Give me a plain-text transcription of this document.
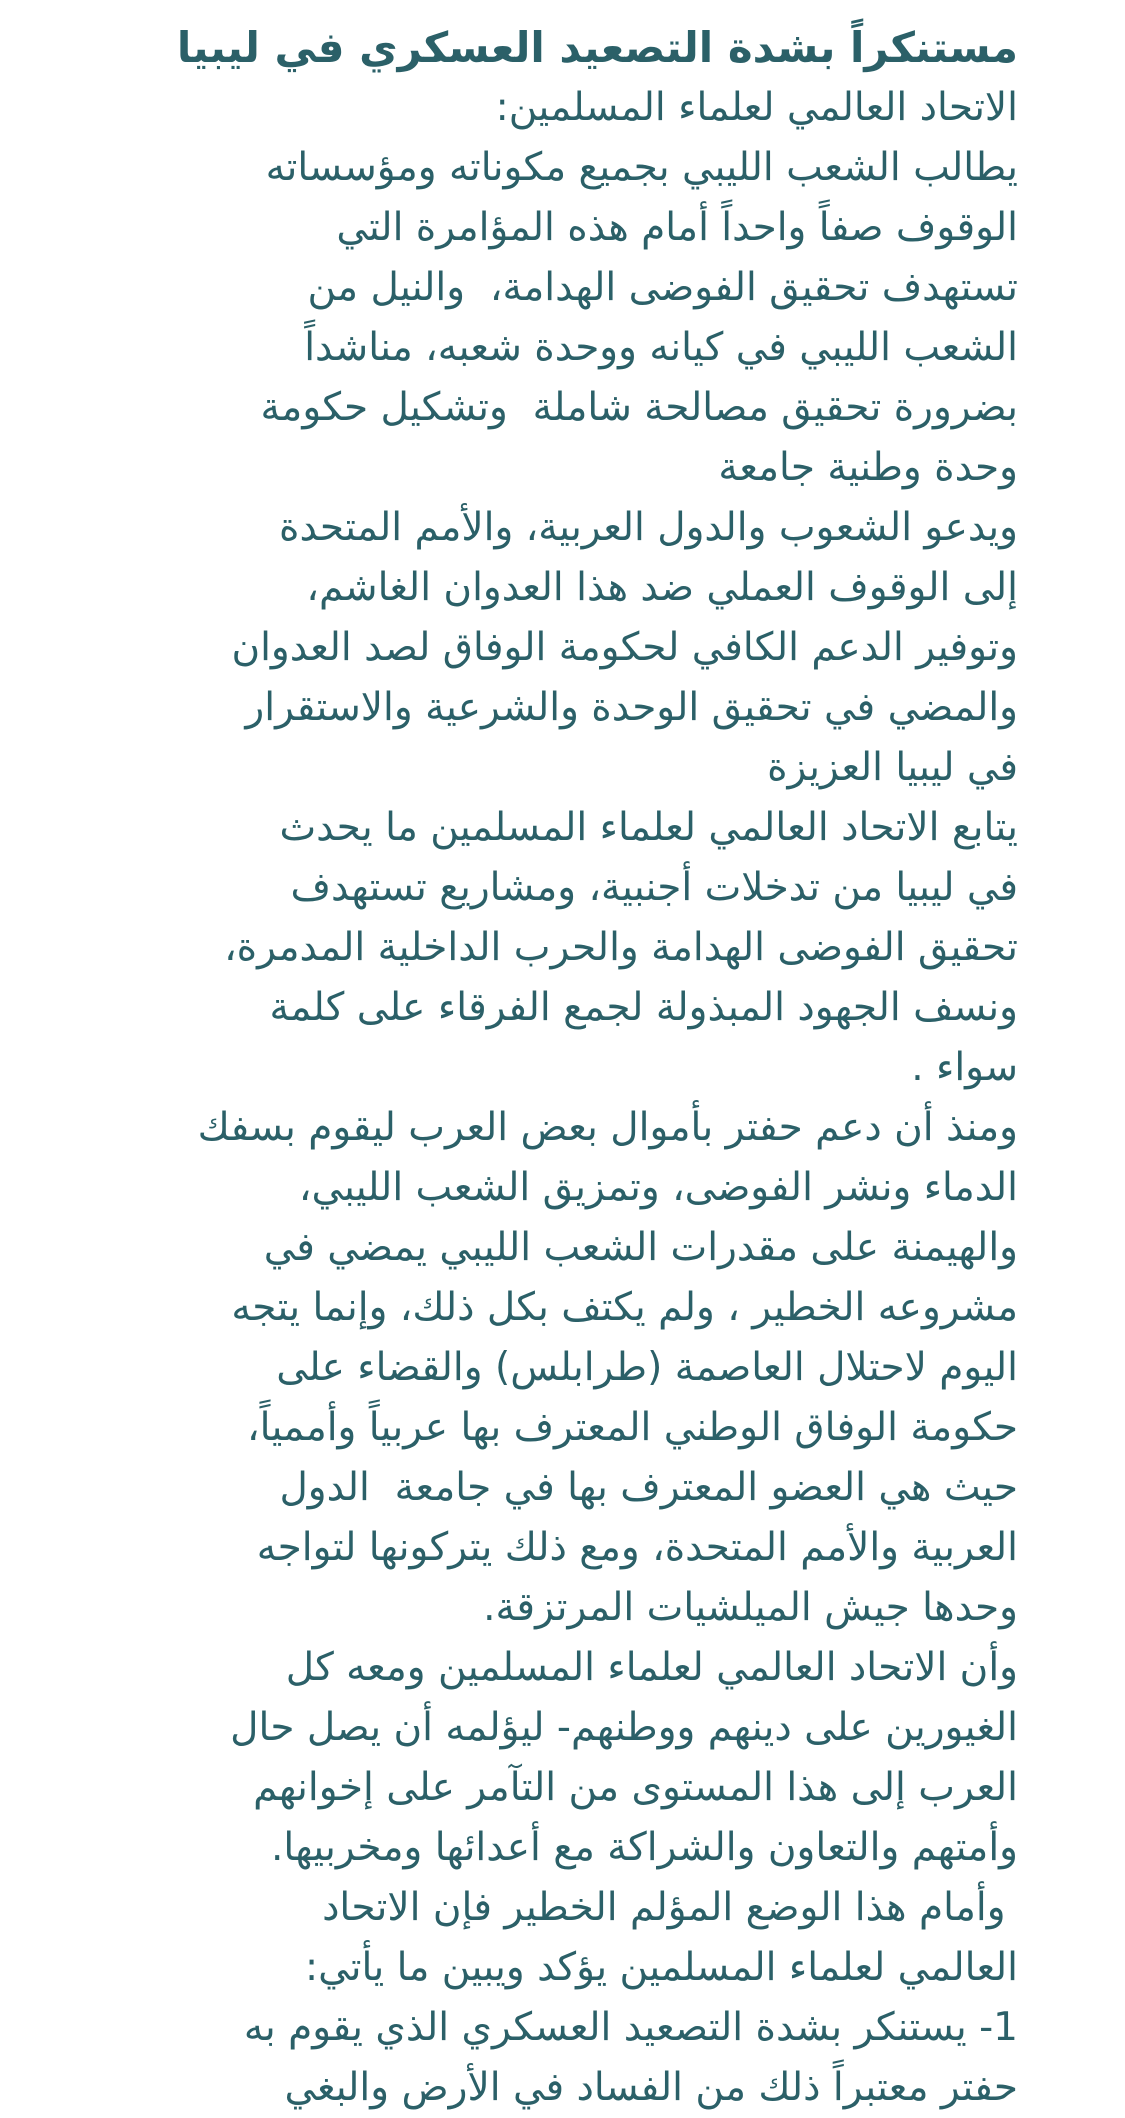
مستنكراً بشدة التصعيد العسكري في ليبيا
الاتحاد العالمي لعلماء المسلمين:
يطالب الشعب الليبي بجميع مكوناته ومؤسساته
الوقوف صفاً واحداً أمام هذه المؤامرة التي
تستهدف تحقيق الفوضى الهدامة،  والنيل من
الشعب الليبي في كيانه ووحدة شعبه، مناشداً
بضرورة تحقيق مصالحة شاملة  وتشكيل حكومة
وحدة وطنية جامعة
ويدعو الشعوب والدول العربية، والأمم المتحدة
إلى الوقوف العملي ضد هذا العدوان الغاشم،
وتوفير الدعم الكافي لحكومة الوفاق لصد العدوان
والمضي في تحقيق الوحدة والشرعية والاستقرار
في ليبيا العزيزة
يتابع الاتحاد العالمي لعلماء المسلمين ما يحدث
في ليبيا من تدخلات أجنبية، ومشاريع تستهدف
تحقيق الفوضى الهدامة والحرب الداخلية المدمرة،
ونسف الجهود المبذولة لجمع الفرقاء على كلمة
سواء .
ومنذ أن دعم حفتر بأموال بعض العرب ليقوم بسفك
الدماء ونشر الفوضى، وتمزيق الشعب الليبي،
والهيمنة على مقدرات الشعب الليبي يمضي في
مشروعه الخطير ، ولم يكتف بكل ذلك، وإنما يتجه
اليوم لاحتلال العاصمة (طرابلس) والقضاء على
حكومة الوفاق الوطني المعترف بها عربياً وأممياً،
حيث هي العضو المعترف بها في جامعة  الدول
العربية والأمم المتحدة، ومع ذلك يتركونها لتواجه
وحدها جيش الميلشيات المرتزقة.
وأن الاتحاد العالمي لعلماء المسلمين ومعه كل
الغيورين على دينهم ووطنهم- ليؤلمه أن يصل حال
العرب إلى هذا المستوى من التآمر على إخوانهم
وأمتهم والتعاون والشراكة مع أعدائها ومخربيها.
وأمام هذا الوضع المؤلم الخطير فإن الاتحاد
العالمي لعلماء المسلمين يؤكد ويبين ما يأتي:
1- يستنكر بشدة التصعيد العسكري الذي يقوم به
حفتر معتبراً ذلك من الفساد في الأرض والبغي
